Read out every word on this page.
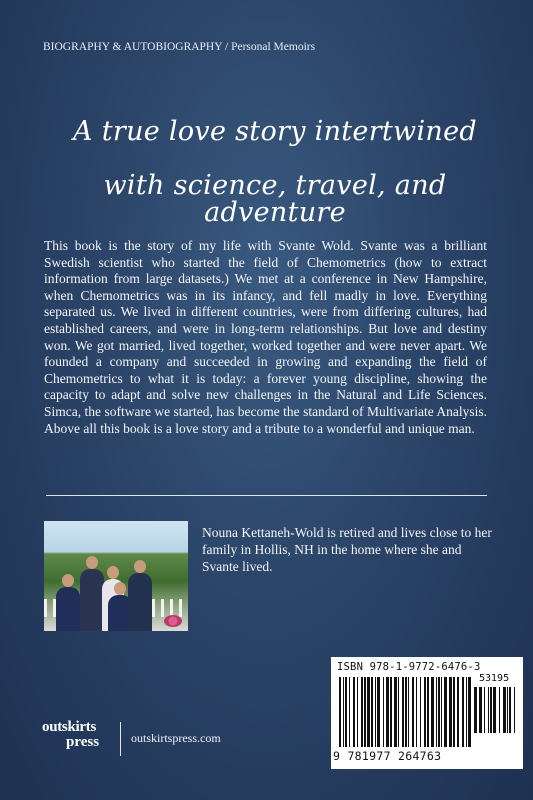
BIOGRAPHY & AUTOBIOGRAPHY / Personal Memoirs
A true love story intertwined
with science, travel, and adventure

This book is the story of my life with Svante Wold. Svante was a brilliant Swedish scientist who started the field of Chemometrics (how to extract information from large datasets.) We met at a conference in New Hampshire, when Chemometrics was in its infancy, and fell madly in love. Everything separated us. We lived in different countries, were from differing cultures, had established careers, and were in long-term relationships. But love and destiny won. We got married, lived together, worked together and were never apart. We founded a company and succeeded in growing and expanding the field of Chemometrics to what it is today: a forever young discipline, showing the capacity to adapt and solve new challenges in the Natural and Life Sciences. Simca, the software we started, has become the standard of Multivariate Analysis. Above all this book is a love story and a tribute to a wonderful and unique man.

Nouna Kettaneh-Wold is retired and lives close to her family in Hollis, NH in the home where she and Svante lived.

ISBN 978-1-9772-6476-3
53195
9 781977 264763
outskirts
press	outskirtspress.com
